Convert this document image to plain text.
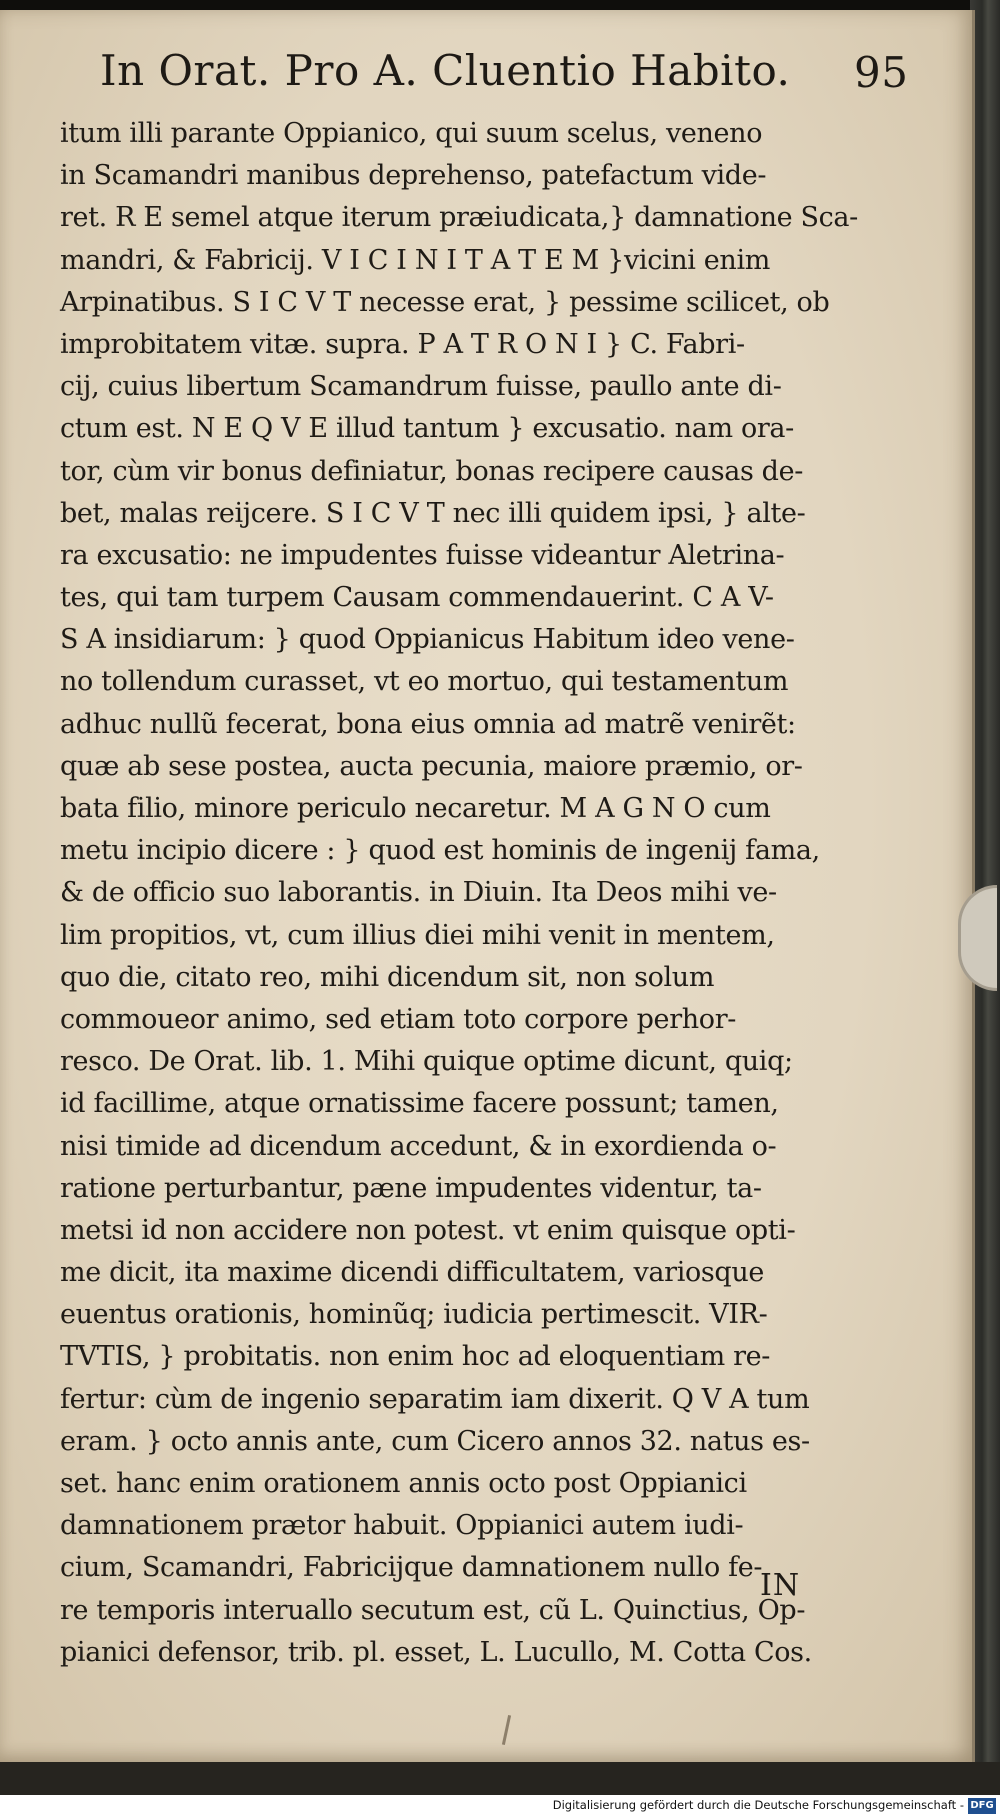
In Orat. Pro A. Cluentio Habito. 95
itum illi parante Oppianico, qui suum scelus, veneno
in Scamandri manibus deprehenso, patefactum vide-
ret. R E semel atque iterum præiudicata,} damnatione Sca-
mandri, & Fabricij. V I C I N I T A T E M }vicini enim
Arpinatibus. S I C V T necesse erat, } pessime scilicet, ob
improbitatem vitæ. supra. P A T R O N I } C. Fabri-
cij, cuius libertum Scamandrum fuisse, paullo ante di-
ctum est. N E Q V E illud tantum } excusatio. nam ora-
tor, cùm vir bonus definiatur, bonas recipere causas de-
bet, malas reijcere. S I C V T nec illi quidem ipsi, } alte-
ra excusatio: ne impudentes fuisse videantur Aletrina-
tes, qui tam turpem Causam commendauerint. C A V-
S A insidiarum: } quod Oppianicus Habitum ideo vene-
no tollendum curasset, vt eo mortuo, qui testamentum
adhuc nullũ fecerat, bona eius omnia ad matrẽ venirẽt:
quæ ab sese postea, aucta pecunia, maiore præmio, or-
bata filio, minore periculo necaretur. M A G N O cum
metu incipio dicere : } quod est hominis de ingenij fama,
& de officio suo laborantis. in Diuin. Ita Deos mihi ve-
lim propitios, vt, cum illius diei mihi venit in mentem,
quo die, citato reo, mihi dicendum sit, non solum
commoueor animo, sed etiam toto corpore perhor-
resco. De Orat. lib. 1. Mihi quique optime dicunt, quiq;
id facillime, atque ornatissime facere possunt; tamen,
nisi timide ad dicendum accedunt, & in exordienda o-
ratione perturbantur, pæne impudentes videntur, ta-
metsi id non accidere non potest. vt enim quisque opti-
me dicit, ita maxime dicendi difficultatem, variosque
euentus orationis, hominũq; iudicia pertimescit. VIR-
TVTIS, } probitatis. non enim hoc ad eloquentiam re-
fertur: cùm de ingenio separatim iam dixerit. Q V A tum
eram. } octo annis ante, cum Cicero annos 32. natus es-
set. hanc enim orationem annis octo post Oppianici
damnationem prætor habuit. Oppianici autem iudi-
cium, Scamandri, Fabricijque damnationem nullo fe-
re temporis interuallo secutum est, cũ L. Quinctius, Op-
pianici defensor, trib. pl. esset, L. Lucullo, M. Cotta Cos.
IN
Digitalisierung gefördert durch die Deutsche Forschungsgemeinschaft - DFG
